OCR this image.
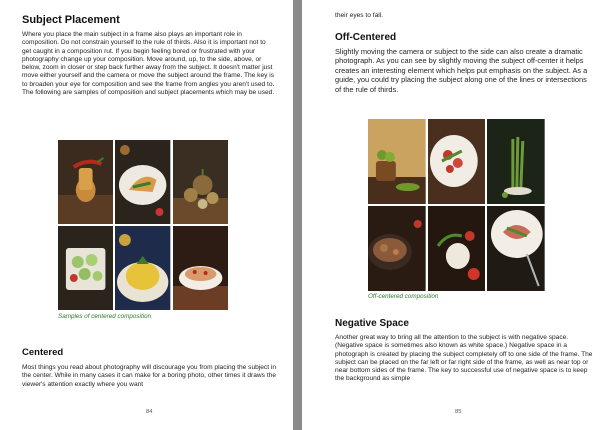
Subject Placement

Where you place the main subject in a frame also plays an important role in composition. Do not constrain yourself to the rule of thirds. Also it is important not to get caught in a composition rut. If you begin feeling bored or frustrated with your photography change up your composition. Move around, up, to the side, above, or below, zoom in closer or step back further away from the subject. It doesn't matter just move either yourself and the camera or move the subject around the frame. The key is to broaden your eye for composition and see the frame from angles you aren't used to. The following are samples of composition and subject placements which may be used.

Samples of centered composition
Centered

Most things you read about photography will discourage you from placing the subject in the center. While in many cases it can make for a boring photo, other times it draws the viewer's attention exactly where you want

84

their eyes to fall.

Off-Centered

Slightly moving the camera or subject to the side can also create a dramatic photograph. As you can see by slightly moving the subject off-center it helps creates an interesting element which helps put emphasis on the subject. As a guide, you could try placing the subject along one of the lines or intersections of the rule of thirds.

Off-centered composition
Negative Space

Another great way to bring all the attention to the subject is with negative space. (Negative space is sometimes also known as white space.) Negative space in a photograph is created by placing the subject completely off to one side of the frame. The subject can be placed on the far left or far right side of the frame, as well as near top or near bottom sides of the frame. The key to successful use of negative space is to keep the background as simple

85
